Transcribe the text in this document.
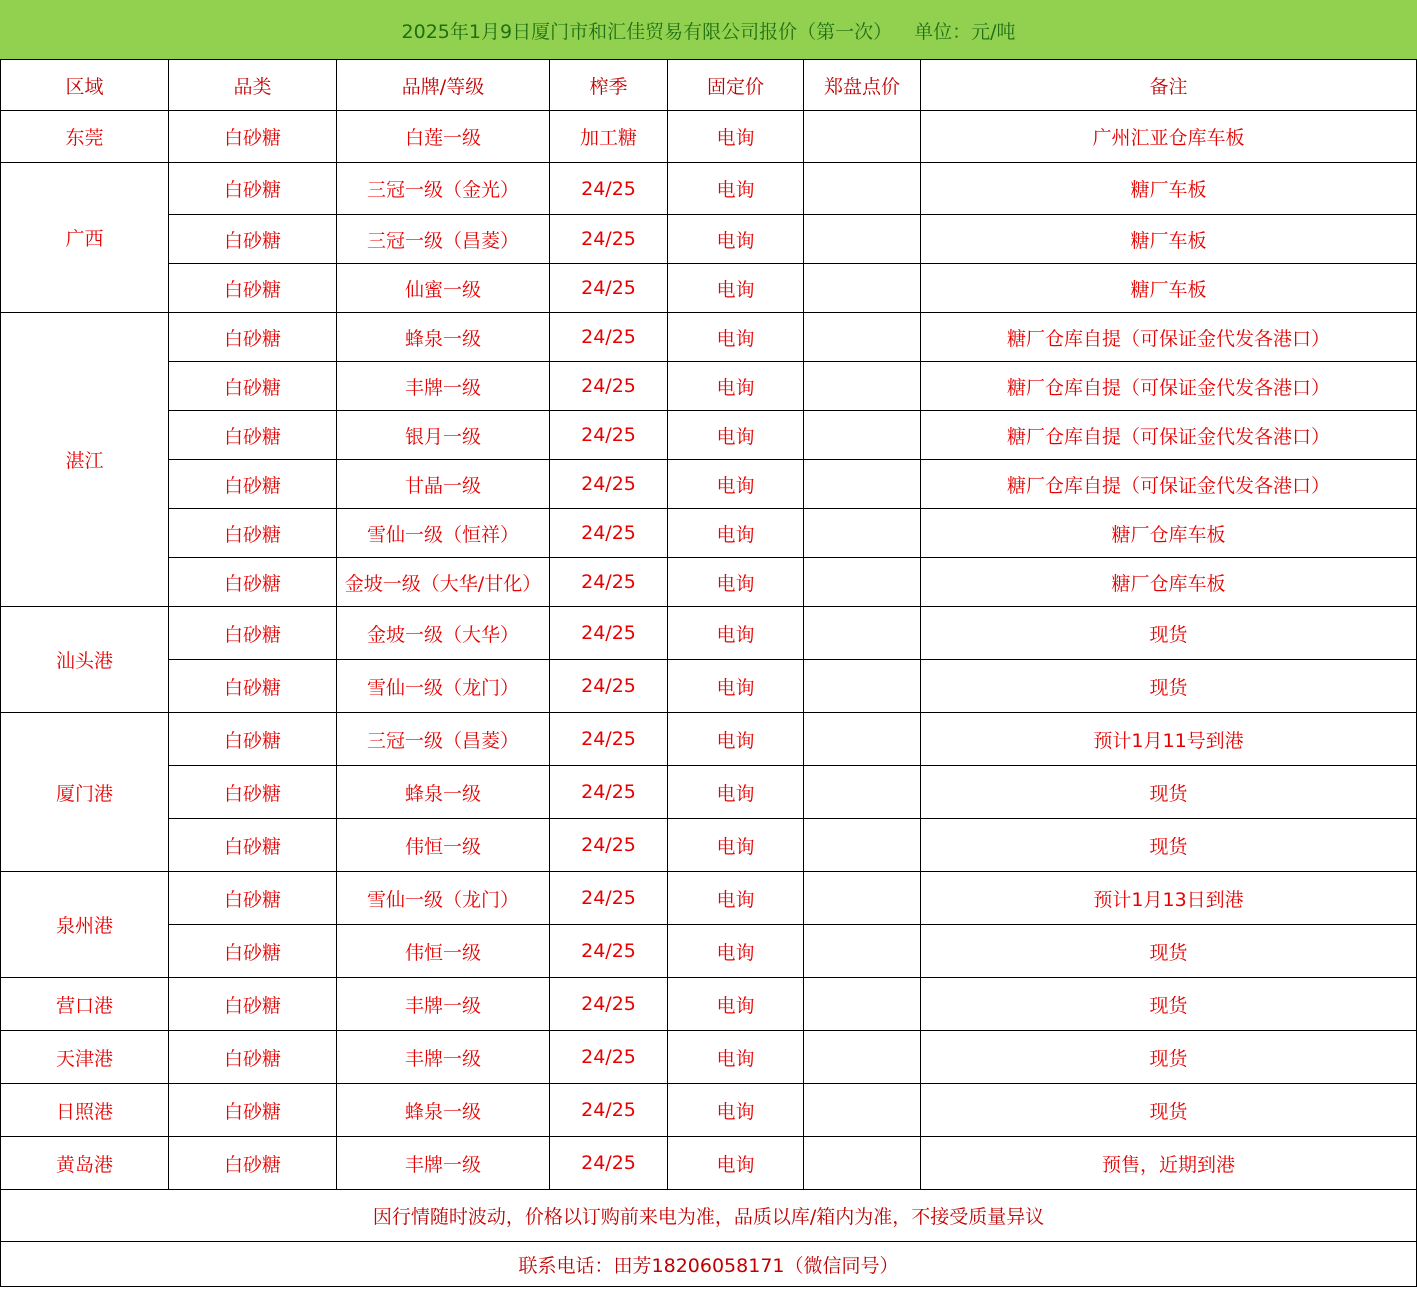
2025年1月9日厦门市和汇佳贸易有限公司报价（第一次） 单位：元/吨						
区域	品类	品牌/等级	榨季	固定价	郑盘点价	备注
东莞	白砂糖	白莲一级	加工糖	电询		广州汇亚仓库车板
广西	白砂糖	三冠一级（金光）	24/25	电询		糖厂车板
	白砂糖	三冠一级（昌菱）	24/25	电询		糖厂车板
	白砂糖	仙蜜一级	24/25	电询		糖厂车板
湛江	白砂糖	蜂泉一级	24/25	电询		糖厂仓库自提（可保证金代发各港口）
	白砂糖	丰牌一级	24/25	电询		糖厂仓库自提（可保证金代发各港口）
	白砂糖	银月一级	24/25	电询		糖厂仓库自提（可保证金代发各港口）
	白砂糖	甘晶一级	24/25	电询		糖厂仓库自提（可保证金代发各港口）
	白砂糖	雪仙一级（恒祥）	24/25	电询		糖厂仓库车板
	白砂糖	金坡一级（大华/甘化）	24/25	电询		糖厂仓库车板
汕头港	白砂糖	金坡一级（大华）	24/25	电询		现货
	白砂糖	雪仙一级（龙门）	24/25	电询		现货
厦门港	白砂糖	三冠一级（昌菱）	24/25	电询		预计1月11号到港
	白砂糖	蜂泉一级	24/25	电询		现货
	白砂糖	伟恒一级	24/25	电询		现货
泉州港	白砂糖	雪仙一级（龙门）	24/25	电询		预计1月13日到港
	白砂糖	伟恒一级	24/25	电询		现货
营口港	白砂糖	丰牌一级	24/25	电询		现货
天津港	白砂糖	丰牌一级	24/25	电询		现货
日照港	白砂糖	蜂泉一级	24/25	电询		现货
黄岛港	白砂糖	丰牌一级	24/25	电询		预售，近期到港
因行情随时波动，价格以订购前来电为准，品质以库/箱内为准，不接受质量异议						
联系电话：田芳18206058171（微信同号）						
